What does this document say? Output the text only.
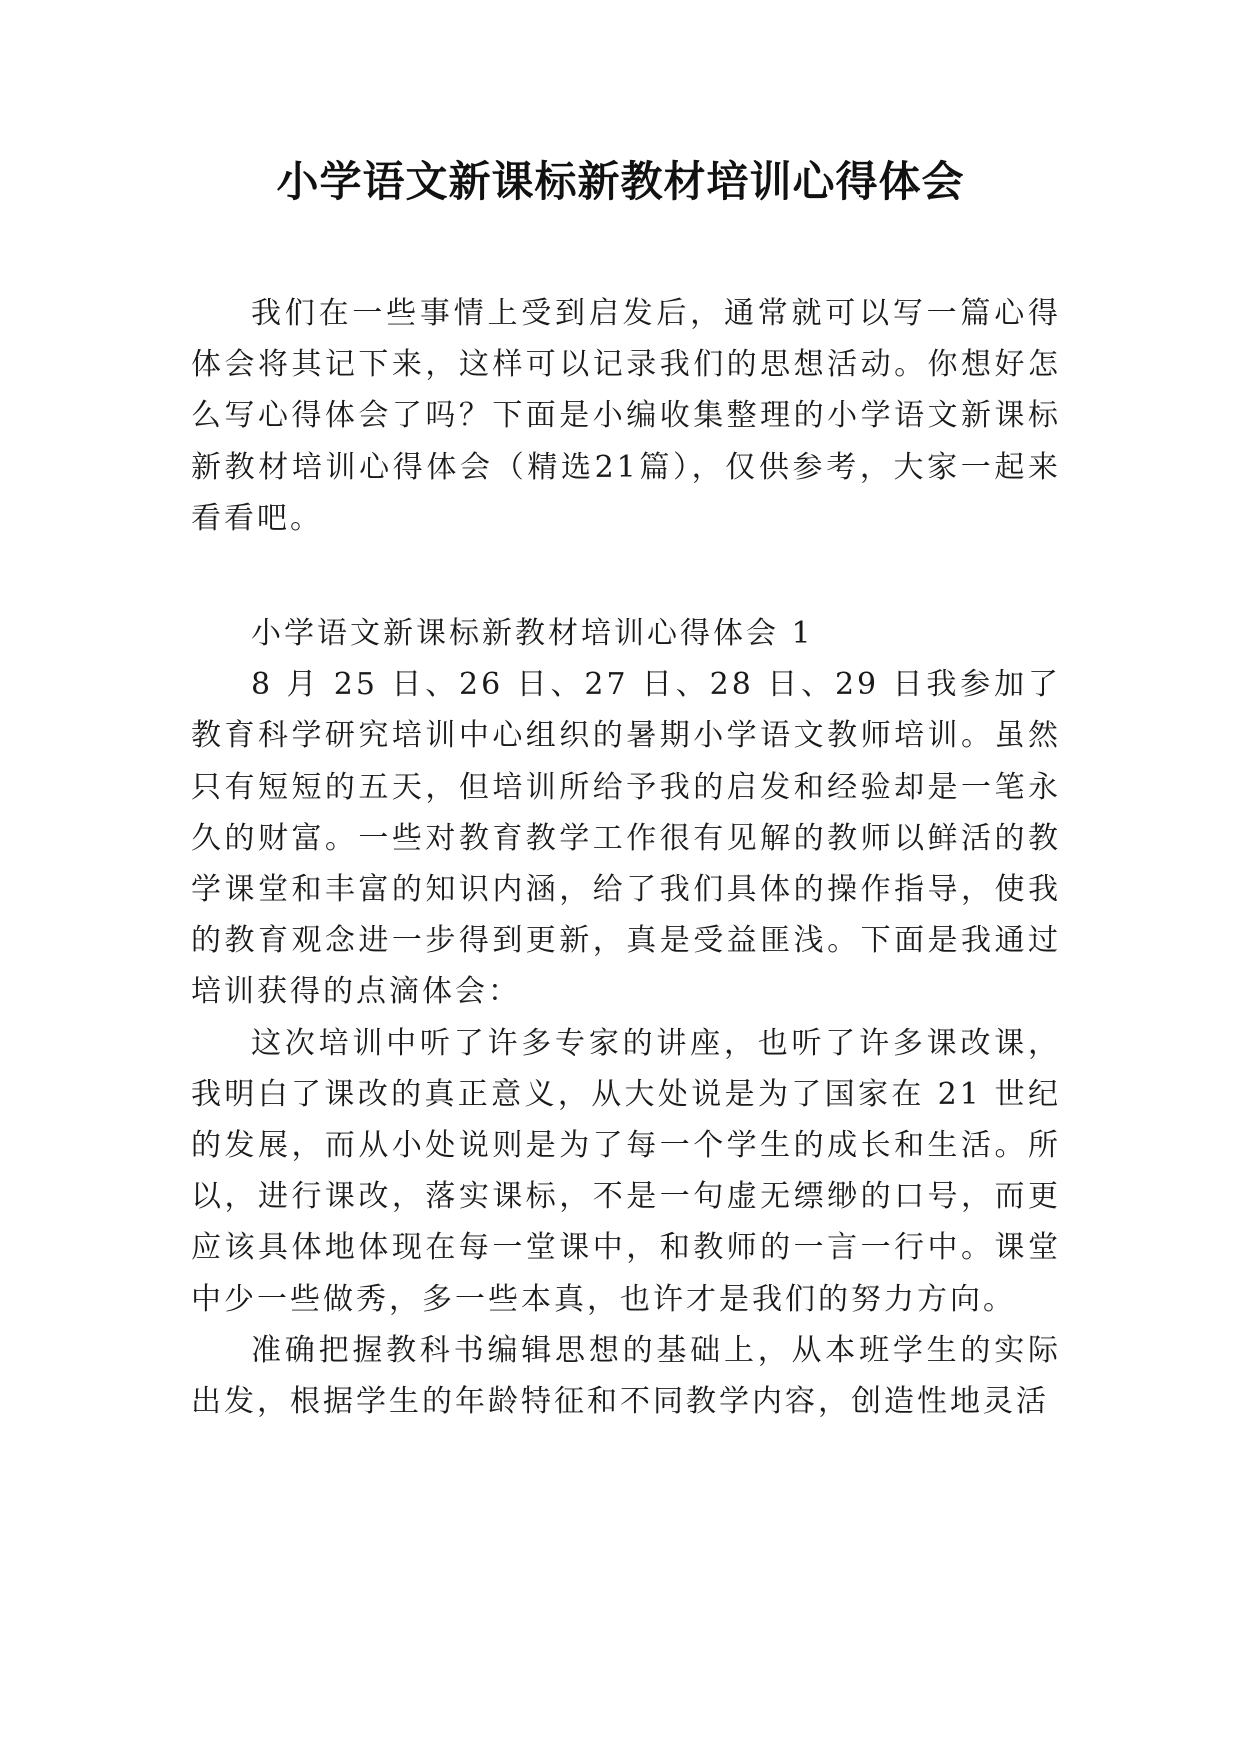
小学语文新课标新教材培训心得体会

我们在一些事情上受到启发后，通常就可以写一篇心得体会将其记下来，这样可以记录我们的思想活动。你想好怎么写心得体会了吗？下面是小编收集整理的小学语文新课标新教材培训心得体会（精选21篇），仅供参考，大家一起来看看吧。

小学语文新课标新教材培训心得体会 1

8 月 25 日、26 日、27 日、28 日、29 日我参加了教育科学研究培训中心组织的暑期小学语文教师培训。虽然只有短短的五天，但培训所给予我的启发和经验却是一笔永久的财富。一些对教育教学工作很有见解的教师以鲜活的教学课堂和丰富的知识内涵，给了我们具体的操作指导，使我的教育观念进一步得到更新，真是受益匪浅。下面是我通过培训获得的点滴体会：

这次培训中听了许多专家的讲座，也听了许多课改课，我明白了课改的真正意义，从大处说是为了国家在 21 世纪的发展，而从小处说则是为了每一个学生的成长和生活。所以，进行课改，落实课标，不是一句虚无缥缈的口号，而更应该具体地体现在每一堂课中，和教师的一言一行中。课堂中少一些做秀，多一些本真，也许才是我们的努力方向。

准确把握教科书编辑思想的基础上，从本班学生的实际出发，根据学生的年龄特征和不同教学内容，创造性地灵活
